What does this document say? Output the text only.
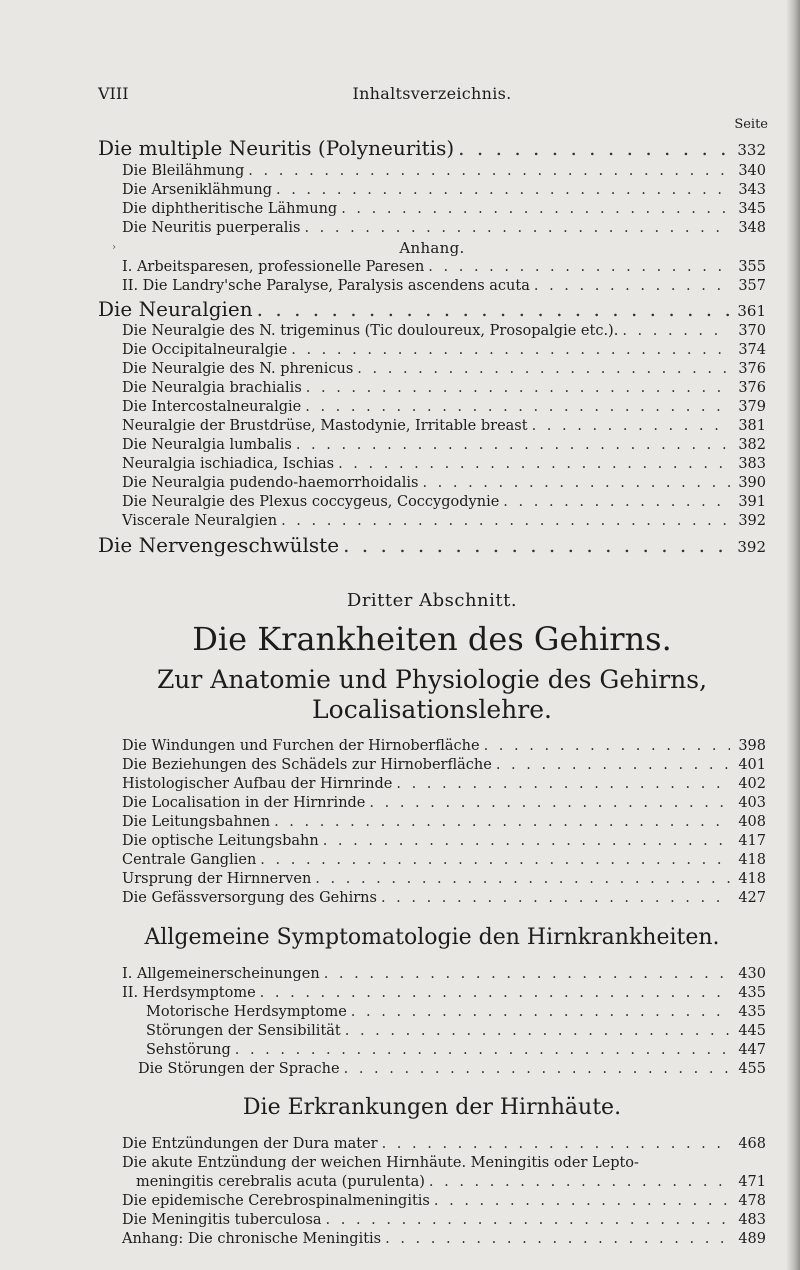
VIII	Inhaltsverzeichnis.
Seite
Die multiple Neuritis (Polyneuritis) . . .	332
Die Bleilähmung . . .	340
Die Arseniklähmung . . .	343
Die diphtheritische Lähmung . . .	345
Die Neuritis puerperalis . . .	348
›	Anhang.
I. Arbeitsparesen, professionelle Paresen . . .	355
II. Die Landry'sche Paralyse, Paralysis ascendens acuta . . .	357
Die Neuralgien . . .	361
Die Neuralgie des N. trigeminus (Tic douloureux, Prosopalgie etc.). . . .	370
Die Occipitalneuralgie . . .	374
Die Neuralgie des N. phrenicus . . .	376
Die Neuralgia brachialis . . .	376
Die Intercostalneuralgie . . .	379
Neuralgie der Brustdrüse, Mastodynie, Irritable breast . . .	381
Die Neuralgia lumbalis . . .	382
Neuralgia ischiadica, Ischias . . .	383
Die Neuralgia pudendo-haemorrhoidalis . . .	390
Die Neuralgie des Plexus coccygeus, Coccygodynie . . .	391
Viscerale Neuralgien . . .	392
Die Nervengeschwülste . . .	392
Dritter Abschnitt.
Die Krankheiten des Gehirns.
Zur Anatomie und Physiologie des Gehirns,
Localisationslehre.
Die Windungen und Furchen der Hirnoberfläche . . .	398
Die Beziehungen des Schädels zur Hirnoberfläche . . .	401
Histologischer Aufbau der Hirnrinde . . .	402
Die Localisation in der Hirnrinde . . .	403
Die Leitungsbahnen . . .	408
Die optische Leitungsbahn . . .	417
Centrale Ganglien . . .	418
Ursprung der Hirnnerven . . .	418
Die Gefässversorgung des Gehirns . . .	427
Allgemeine Symptomatologie den Hirnkrankheiten.
I. Allgemeinerscheinungen . . .	430
II. Herdsymptome . . .	435
Motorische Herdsymptome . . .	435
Störungen der Sensibilität . . .	445
Sehstörung . . .	447
Die Störungen der Sprache . . .	455
Die Erkrankungen der Hirnhäute.
Die Entzündungen der Dura mater . . .	468
Die akute Entzündung der weichen Hirnhäute. Meningitis oder Lepto-
meningitis cerebralis acuta (purulenta) . . .	471
Die epidemische Cerebrospinalmeningitis . . .	478
Die Meningitis tuberculosa . . .	483
Anhang: Die chronische Meningitis . . .	489
